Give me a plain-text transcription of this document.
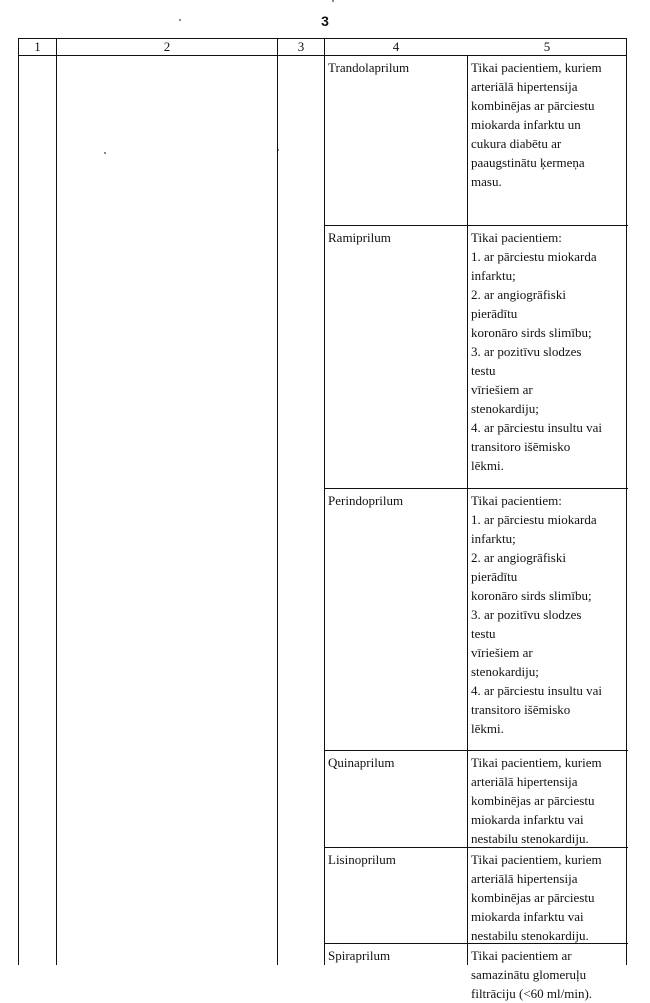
3
1	2	3	4	5
Trandolaprilum	Tikai pacientiem, kuriem
arteriālā hipertensija
kombinējas ar pārciestu
miokarda infarktu un
cukura diabētu ar
paaugstinātu ķermeņa
masu.
Ramiprilum	Tikai pacientiem:
1. ar pārciestu miokarda
infarktu;
2. ar angiogrāfiski
pierādītu
koronāro sirds slimību;
3. ar pozitīvu slodzes
testu
vīriešiem ar
stenokardiju;
4. ar pārciestu insultu vai
transitoro išēmisko
lēkmi.
Perindoprilum	Tikai pacientiem:
1. ar pārciestu miokarda
infarktu;
2. ar angiogrāfiski
pierādītu
koronāro sirds slimību;
3. ar pozitīvu slodzes
testu
vīriešiem ar
stenokardiju;
4. ar pārciestu insultu vai
transitoro išēmisko
lēkmi.
Quinaprilum	Tikai pacientiem, kuriem
arteriālā hipertensija
kombinējas ar pārciestu
miokarda infarktu vai
nestabilu stenokardiju.
Lisinoprilum	Tikai pacientiem, kuriem
arteriālā hipertensija
kombinējas ar pārciestu
miokarda infarktu vai
nestabilu stenokardiju.
Spiraprilum	Tikai pacientiem ar
samazinātu glomeruļu
filtrāciju (<60 ml/min).
